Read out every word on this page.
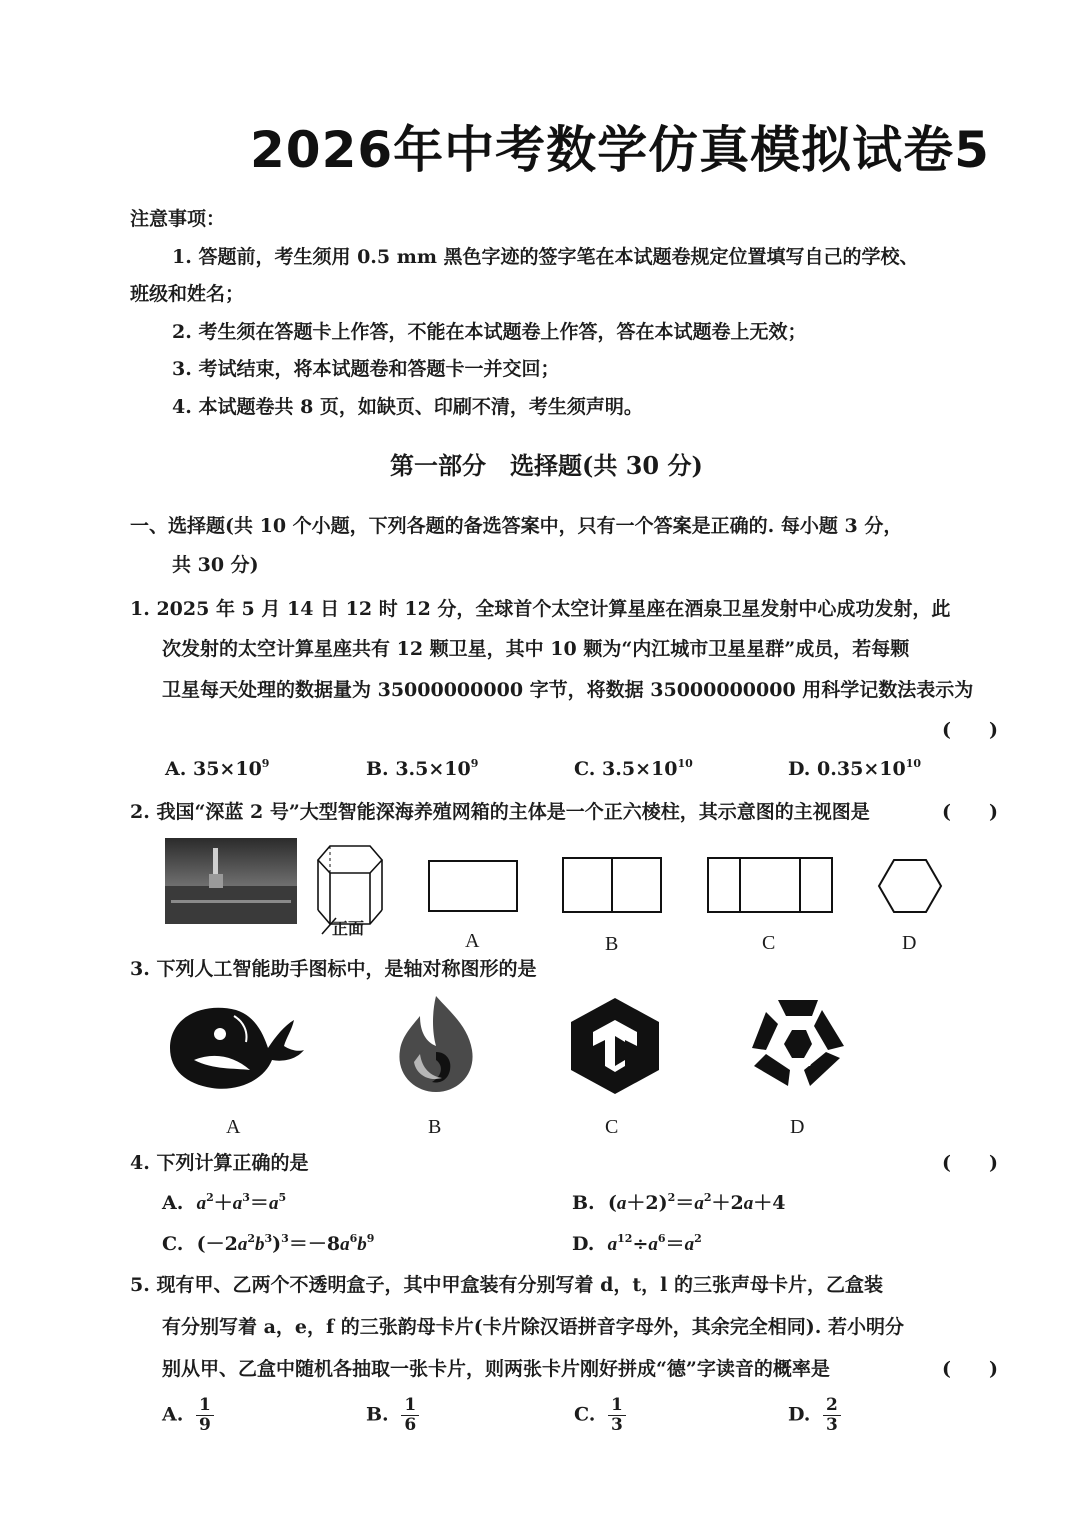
2026年中考数学仿真模拟试卷5
注意事项：
1. 答题前，考生须用 0.5 mm 黑色字迹的签字笔在本试题卷规定位置填写自己的学校、
班级和姓名；
2. 考生须在答题卡上作答，不能在本试题卷上作答，答在本试题卷上无效；
3. 考试结束，将本试题卷和答题卡一并交回；
4. 本试题卷共 8 页，如缺页、印刷不清，考生须声明。
第一部分　选择题(共 30 分)
一、选择题(共 10 个小题，下列各题的备选答案中，只有一个答案是正确的. 每小题 3 分，
共 30 分)
1. 2025 年 5 月 14 日 12 时 12 分，全球首个太空计算星座在酒泉卫星发射中心成功发射，此
次发射的太空计算星座共有 12 颗卫星，其中 10 颗为“内江城市卫星星群”成员，若每颗
卫星每天处理的数据量为 35000000000 字节，将数据 35000000000 用科学记数法表示为
(　　)
A. $35\times 10^9$	B. $3.5\times 10^9$	C. $3.5\times 10^{10}$	D. $0.35\times 10^{10}$
2. 我国“深蓝 2 号”大型智能深海养殖网箱的主体是一个正六棱柱，其示意图的主视图是	(　　)
正面
A	B	C	D
3. 下列人工智能助手图标中，是轴对称图形的是
A	B	C	D
4. 下列计算正确的是	(　　)
A. $a^2+a^3=a^5$	B.  $(a+2)^2=a^2+2a+4$
C.  $(-2a^2b^3)^3=-8a^6b^9$	D. $a^{12}\div a^6=a^2$
5. 现有甲、乙两个不透明盒子，其中甲盒装有分别写着 d，t，l 的三张声母卡片，乙盒装
有分别写着 a，e，f 的三张韵母卡片(卡片除汉语拼音字母外，其余完全相同). 若小明分
别从甲、乙盒中随机各抽取一张卡片，则两张卡片刚好拼成“德”字读音的概率是	(　　)
A. $\frac{1}{9}$	B. $\frac{1}{6}$	C. $\frac{1}{3}$	D. $\frac{2}{3}$
